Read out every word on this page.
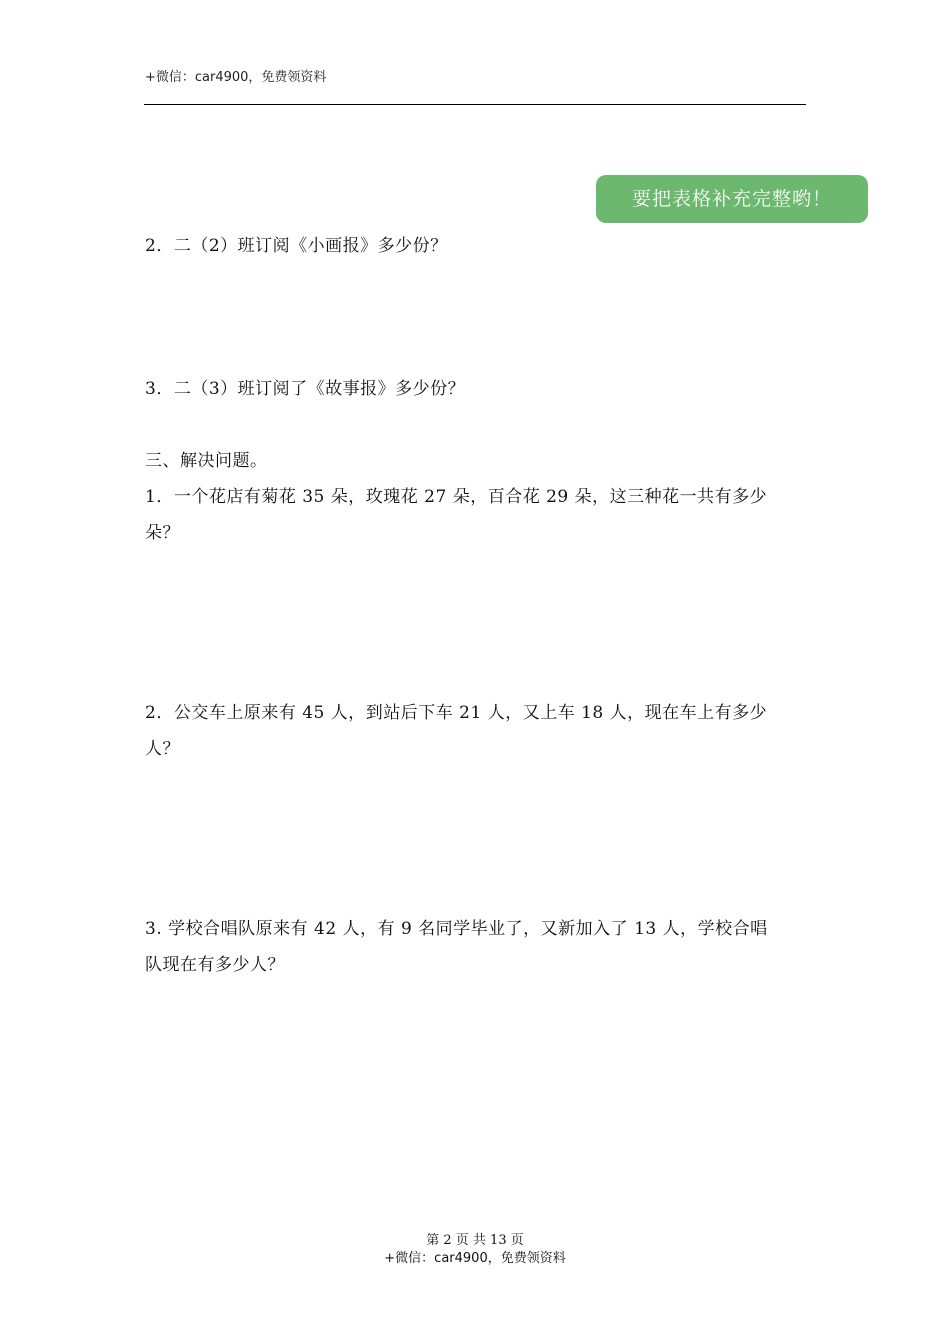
+微信：car4900，免费领资料
要把表格补充完整哟！
2．二（2）班订阅《小画报》多少份？
3．二（3）班订阅了《故事报》多少份？
三、解决问题。
1．一个花店有菊花 35 朵，玫瑰花 27 朵，百合花 29 朵，这三种花一共有多少
朵？
2．公交车上原来有 45 人，到站后下车 21 人，又上车 18 人，现在车上有多少
人？
3. 学校合唱队原来有 42 人，有 9 名同学毕业了，又新加入了 13 人，学校合唱
队现在有多少人？
第 2 页 共 13 页
+微信：car4900，免费领资料
